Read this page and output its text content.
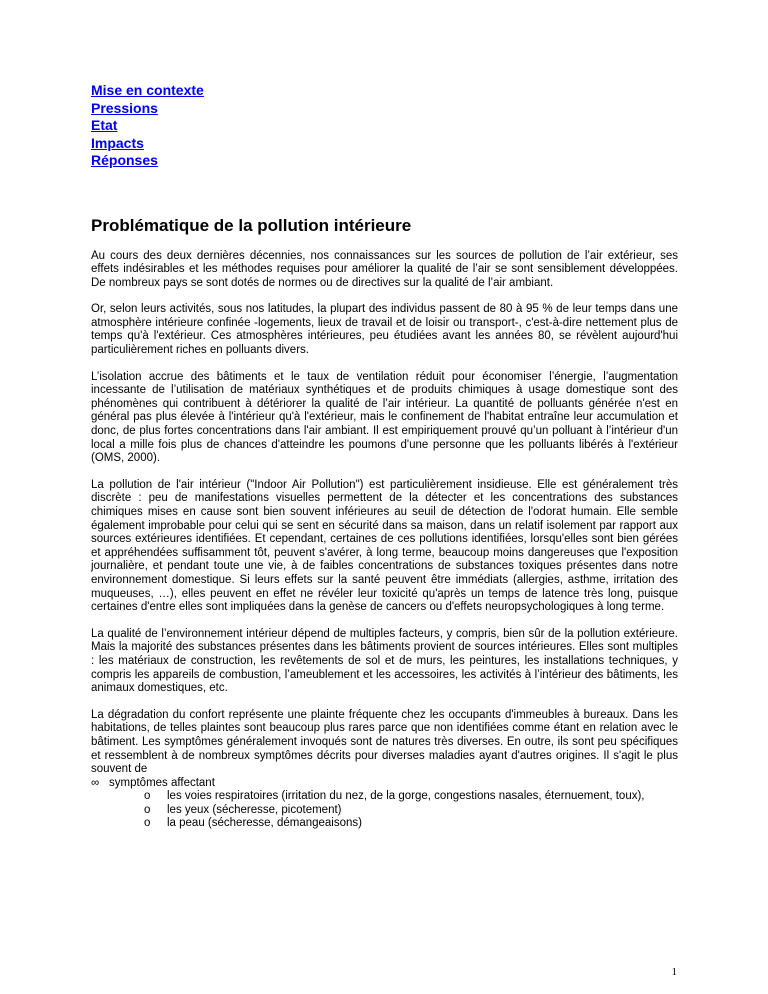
Mise en contexte
Pressions
Etat
Impacts
Réponses
Problématique de la pollution intérieure

Au cours des deux dernières décennies, nos connaissances sur les sources de pollution de l’air extérieur, ses effets indésirables et les méthodes requises pour améliorer la qualité de l’air se sont sensiblement développées. De nombreux pays se sont dotés de normes ou de directives sur la qualité de l’air ambiant.

Or, selon leurs activités, sous nos latitudes, la plupart des individus passent de 80 à 95 % de leur temps dans une atmosphère intérieure confinée -logements, lieux de travail et de loisir ou transport-, c'est-à-dire nettement plus de temps qu'à l'extérieur. Ces atmosphères intérieures, peu étudiées avant les années 80, se révèlent aujourd'hui particulièrement riches en polluants divers.

L’isolation accrue des bâtiments et le taux de ventilation réduit pour économiser l’énergie, l’augmentation incessante de l’utilisation de matériaux synthétiques et de produits chimiques à usage domestique sont des phénomènes qui contribuent à détériorer la qualité de l’air intérieur. La quantité de polluants générée n'est en général pas plus élevée à l'intérieur qu'à l'extérieur, mais le confinement de l'habitat entraîne leur accumulation et donc, de plus fortes concentrations dans l'air ambiant. Il est empiriquement prouvé qu’un polluant à l’intérieur d'un local a mille fois plus de chances d'atteindre les poumons d'une personne que les polluants libérés à l'extérieur (OMS, 2000).

La pollution de l'air intérieur ("Indoor Air Pollution") est particulièrement insidieuse. Elle est généralement très discrète : peu de manifestations visuelles permettent de la détecter et les concentrations des substances chimiques mises en cause sont bien souvent inférieures au seuil de détection de l'odorat humain. Elle semble également improbable pour celui qui se sent en sécurité dans sa maison, dans un relatif isolement par rapport aux sources extérieures identifiées. Et cependant, certaines de ces pollutions identifiées, lorsqu'elles sont bien gérées et appréhendées suffisamment tôt, peuvent s'avérer, à long terme, beaucoup moins dangereuses que l'exposition journalière, et pendant toute une vie, à de faibles concentrations de substances toxiques présentes dans notre environnement domestique. Si leurs effets sur la santé peuvent être immédiats (allergies, asthme, irritation des muqueuses, …), elles peuvent en effet ne révéler leur toxicité qu'après un temps de latence très long, puisque certaines d'entre elles sont impliquées dans la genèse de cancers ou d'effets neuropsychologiques à long terme.

La qualité de l’environnement intérieur dépend de multiples facteurs, y compris, bien sûr de la pollution extérieure. Mais la majorité des substances présentes dans les bâtiments provient de sources intérieures. Elles sont multiples : les matériaux de construction, les revêtements de sol et de murs, les peintures, les installations techniques, y compris les appareils de combustion, l’ameublement et les accessoires, les activités à l’intérieur des bâtiments, les animaux domestiques, etc.

La dégradation du confort représente une plainte fréquente chez les occupants d'immeubles à bureaux. Dans les habitations, de telles plaintes sont beaucoup plus rares parce que non identifiées comme étant en relation avec le bâtiment. Les symptômes généralement invoqués sont de natures très diverses. En outre, ils sont peu spécifiques et ressemblent à de nombreux symptômes décrits pour diverses maladies ayant d'autres origines. Il s'agit le plus souvent de

∞ symptômes affectant
o les voies respiratoires (irritation du nez, de la gorge, congestions nasales, éternuement, toux),
o les yeux (sécheresse, picotement)
o la peau (sécheresse, démangeaisons)
1
